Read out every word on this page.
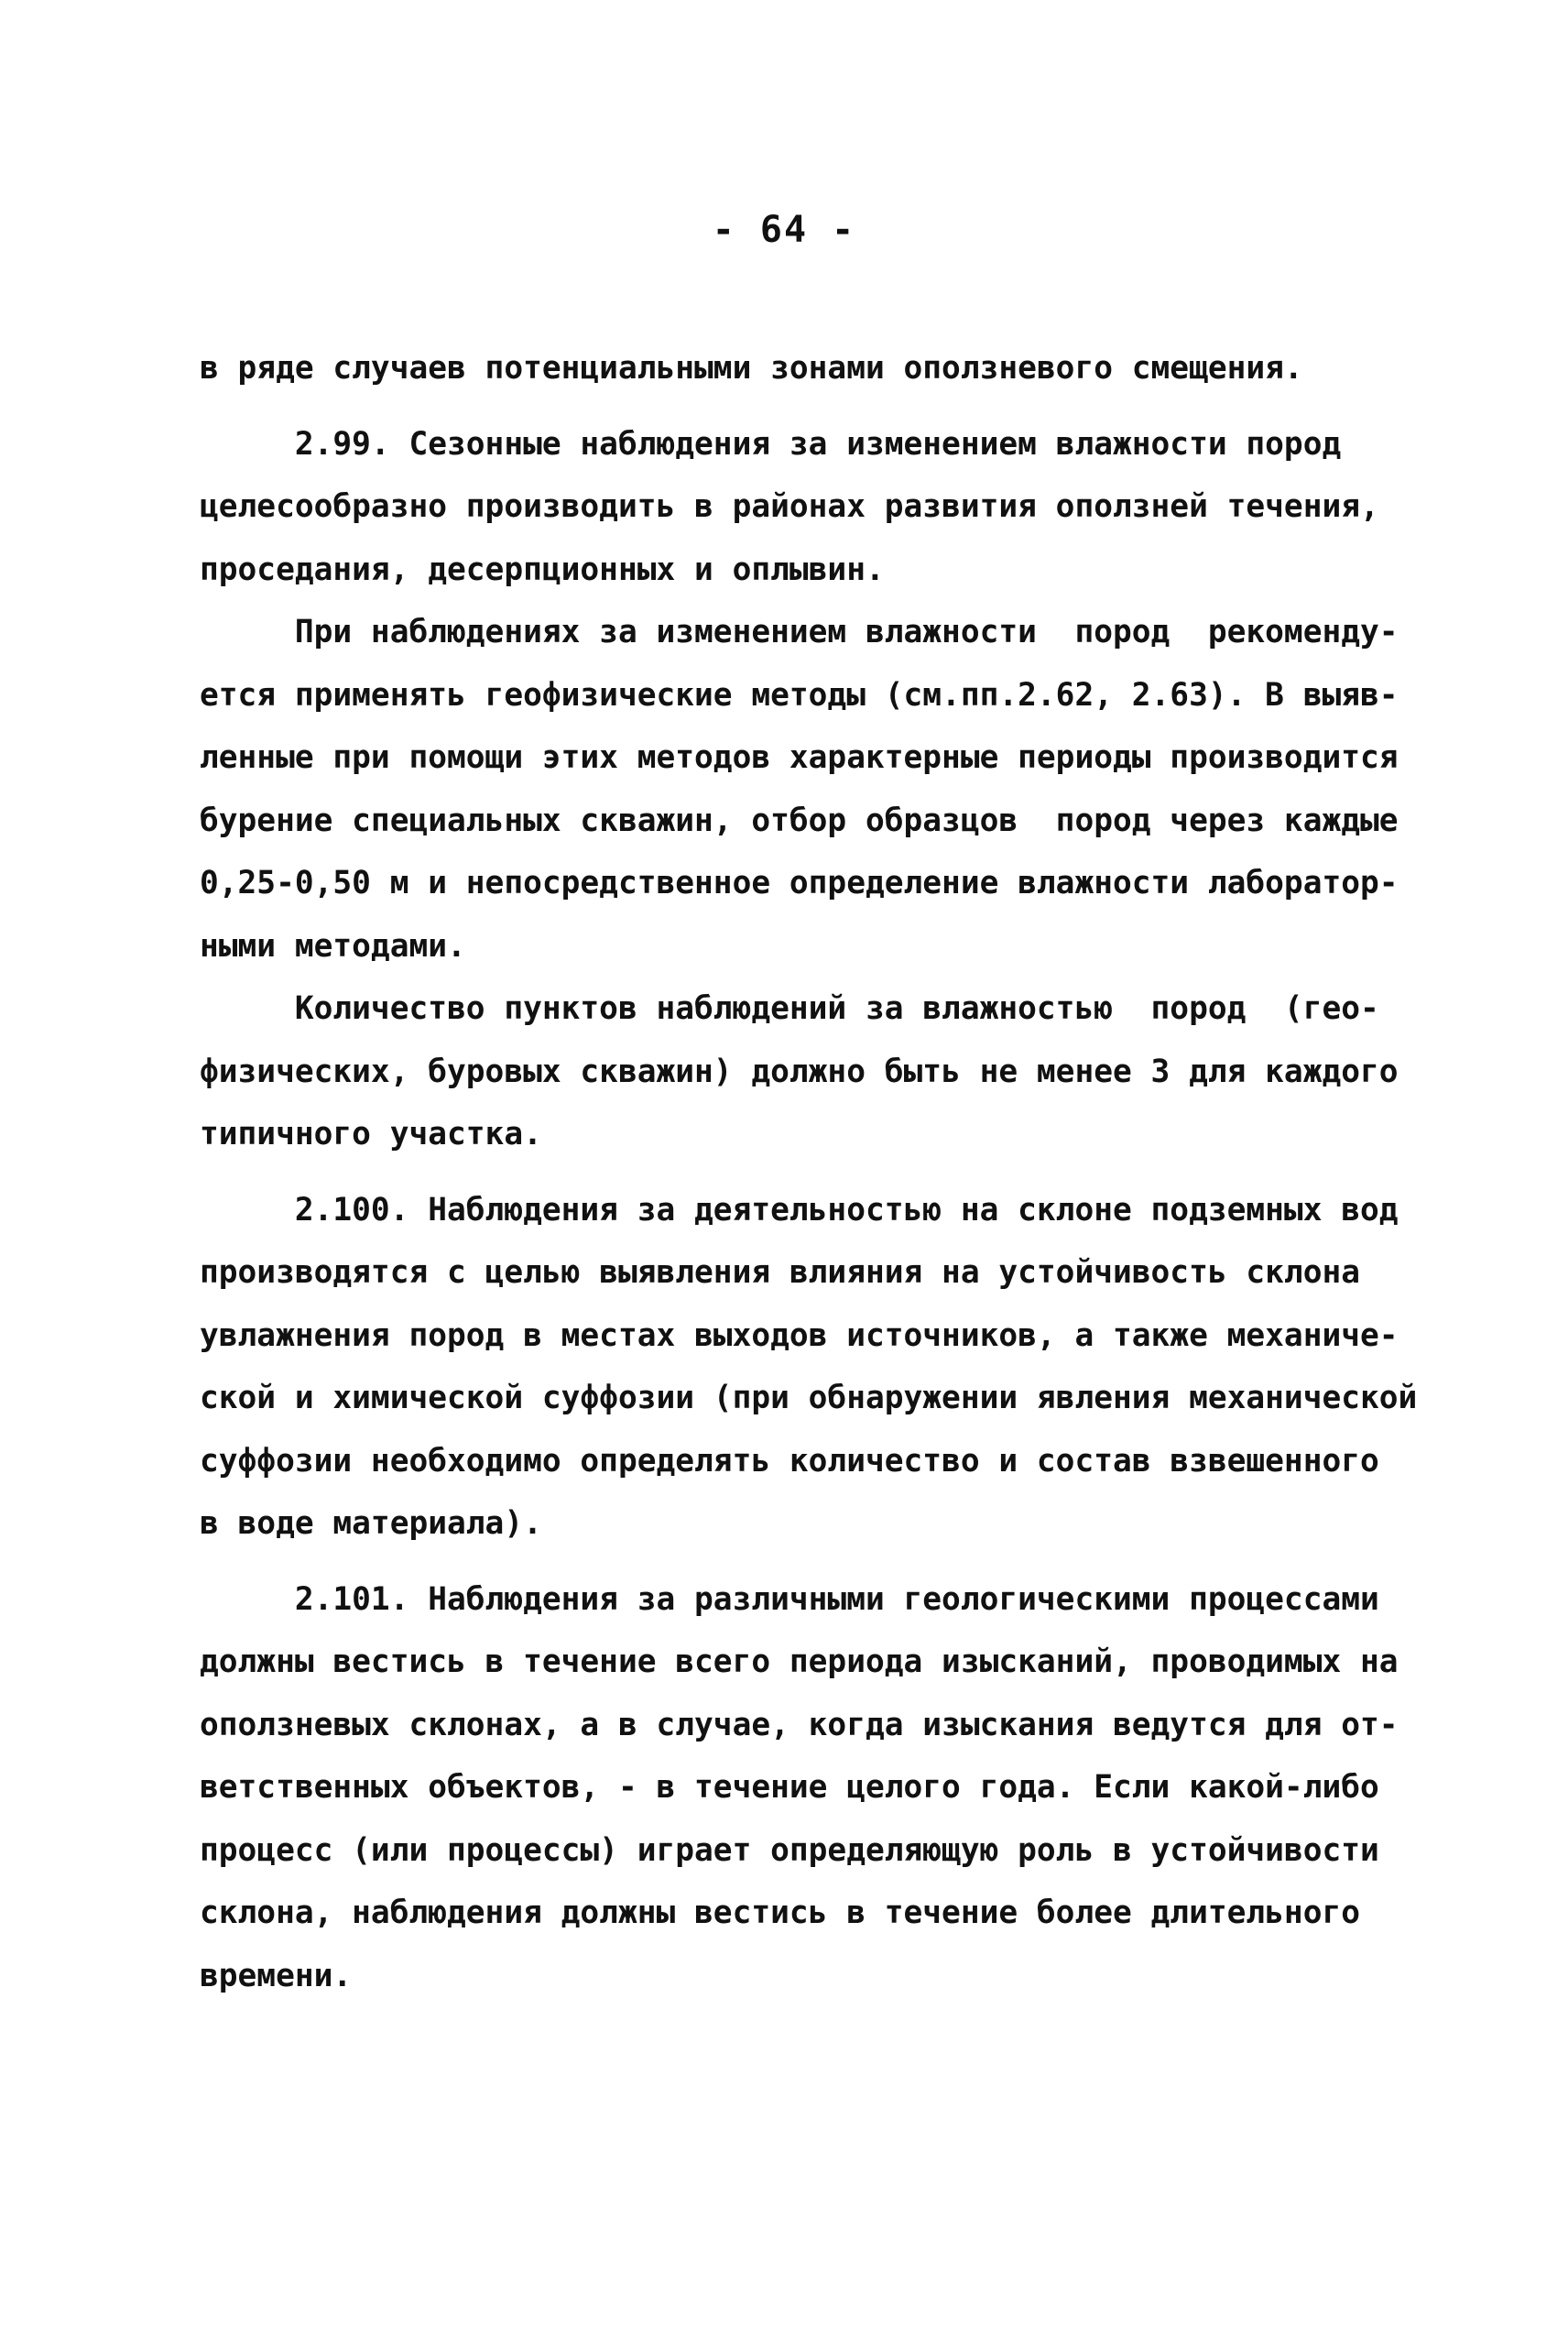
- 64 -
в ряде случаев потенциальными зонами оползневого смещения.
2.99. Сезонные наблюдения за изменением влажности пород
целесообразно производить в районах развития оползней течения,
проседания, десерпционных и оплывин.
При наблюдениях за изменением влажности  пород  рекоменду-
ется применять геофизические методы (см.пп.2.62, 2.63). В выяв-
ленные при помощи этих методов характерные периоды производится
бурение специальных скважин, отбор образцов  пород через каждые
0,25-0,50 м и непосредственное определение влажности лаборатор-
ными методами.
Количество пунктов наблюдений за влажностью  пород  (гео-
физических, буровых скважин) должно быть не менее 3 для каждого
типичного участка.
2.100. Наблюдения за деятельностью на склоне подземных вод
производятся с целью выявления влияния на устойчивость склона
увлажнения пород в местах выходов источников, а также механиче-
ской и химической суффозии (при обнаружении явления механической
суффозии необходимо определять количество и состав взвешенного
в воде материала).
2.101. Наблюдения за различными геологическими процессами
должны вестись в течение всего периода изысканий, проводимых на
оползневых склонах, а в случае, когда изыскания ведутся для от-
ветственных объектов, - в течение целого года. Если какой-либо
процесс (или процессы) играет определяющую роль в устойчивости
склона, наблюдения должны вестись в течение более длительного
времени.
